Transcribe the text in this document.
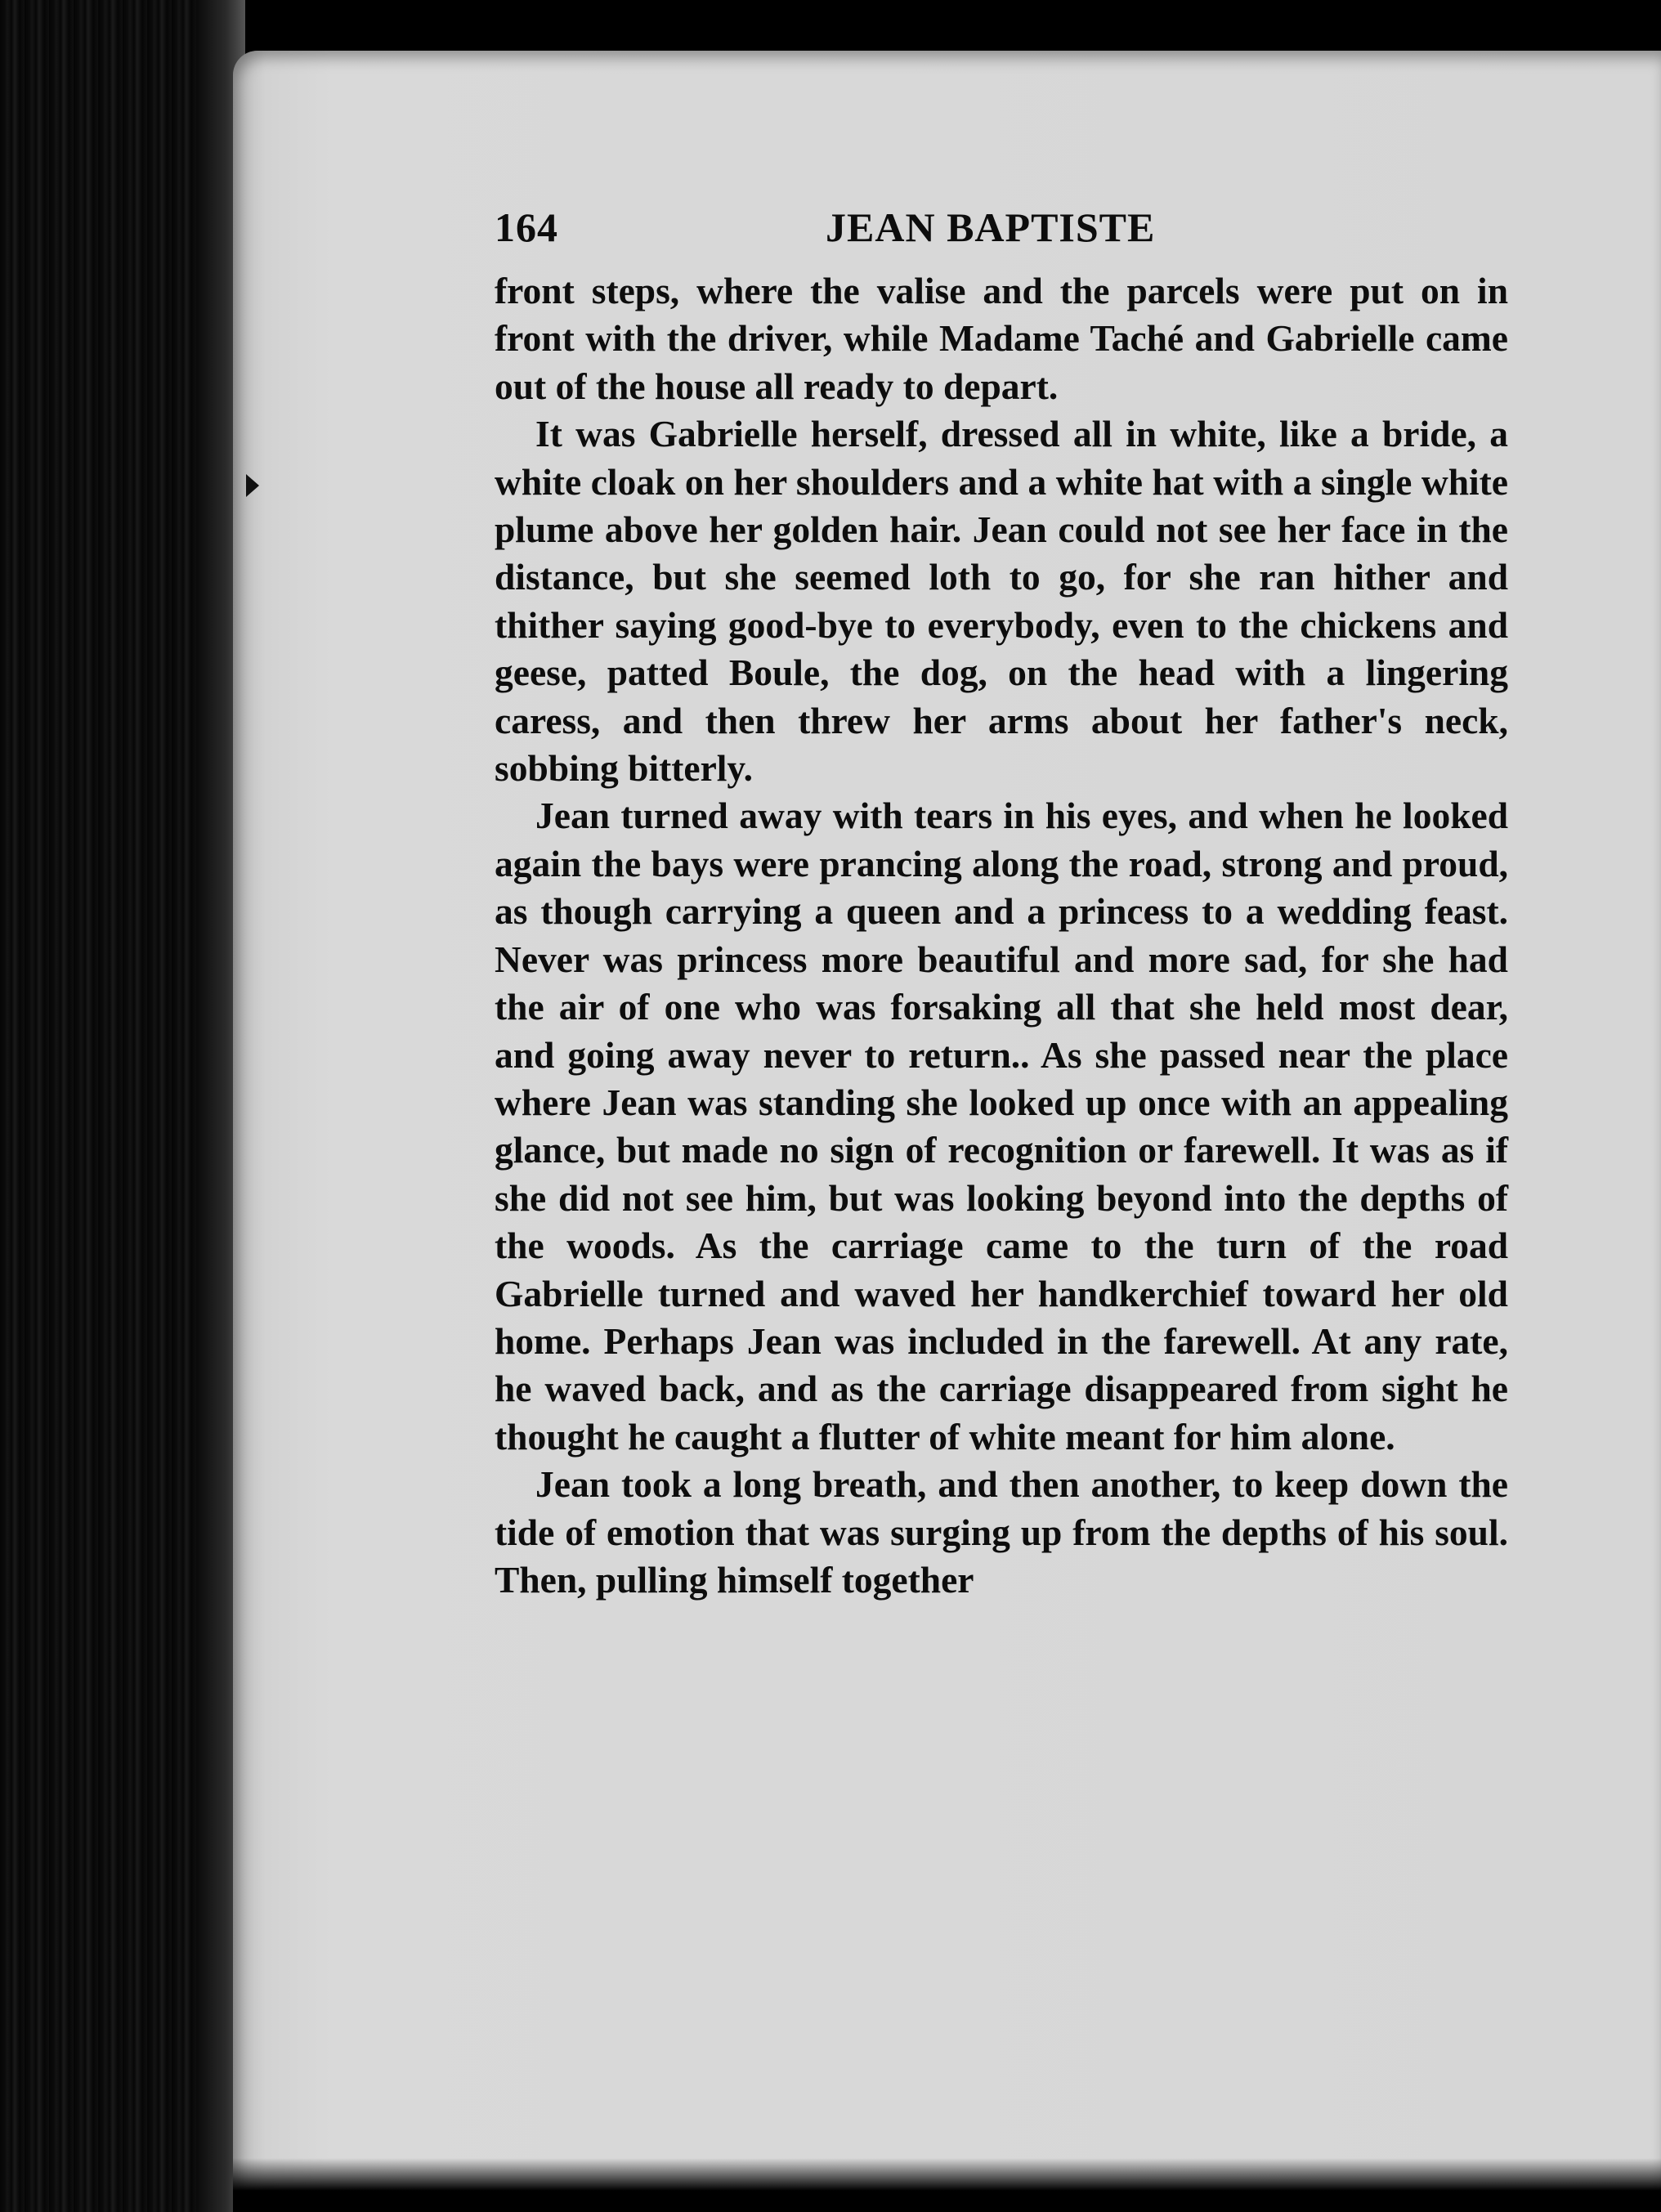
164	JEAN BAPTISTE

front steps, where the valise and the parcels were put on in front with the driver, while Madame Taché and Gabrielle came out of the house all ready to depart.

It was Gabrielle herself, dressed all in white, like a bride, a white cloak on her shoulders and a white hat with a single white plume above her golden hair. Jean could not see her face in the distance, but she seemed loth to go, for she ran hither and thither saying good-bye to everybody, even to the chickens and geese, patted Boule, the dog, on the head with a lingering caress, and then threw her arms about her father's neck, sobbing bitterly.

Jean turned away with tears in his eyes, and when he looked again the bays were prancing along the road, strong and proud, as though carrying a queen and a princess to a wedding feast. Never was princess more beautiful and more sad, for she had the air of one who was forsaking all that she held most dear, and going away never to return.. As she passed near the place where Jean was standing she looked up once with an appealing glance, but made no sign of recognition or farewell. It was as if she did not see him, but was looking beyond into the depths of the woods. As the carriage came to the turn of the road Gabrielle turned and waved her handkerchief toward her old home. Perhaps Jean was included in the farewell. At any rate, he waved back, and as the carriage disappeared from sight he thought he caught a flutter of white meant for him alone.

Jean took a long breath, and then another, to keep down the tide of emotion that was surging up from the depths of his soul. Then, pulling himself together
